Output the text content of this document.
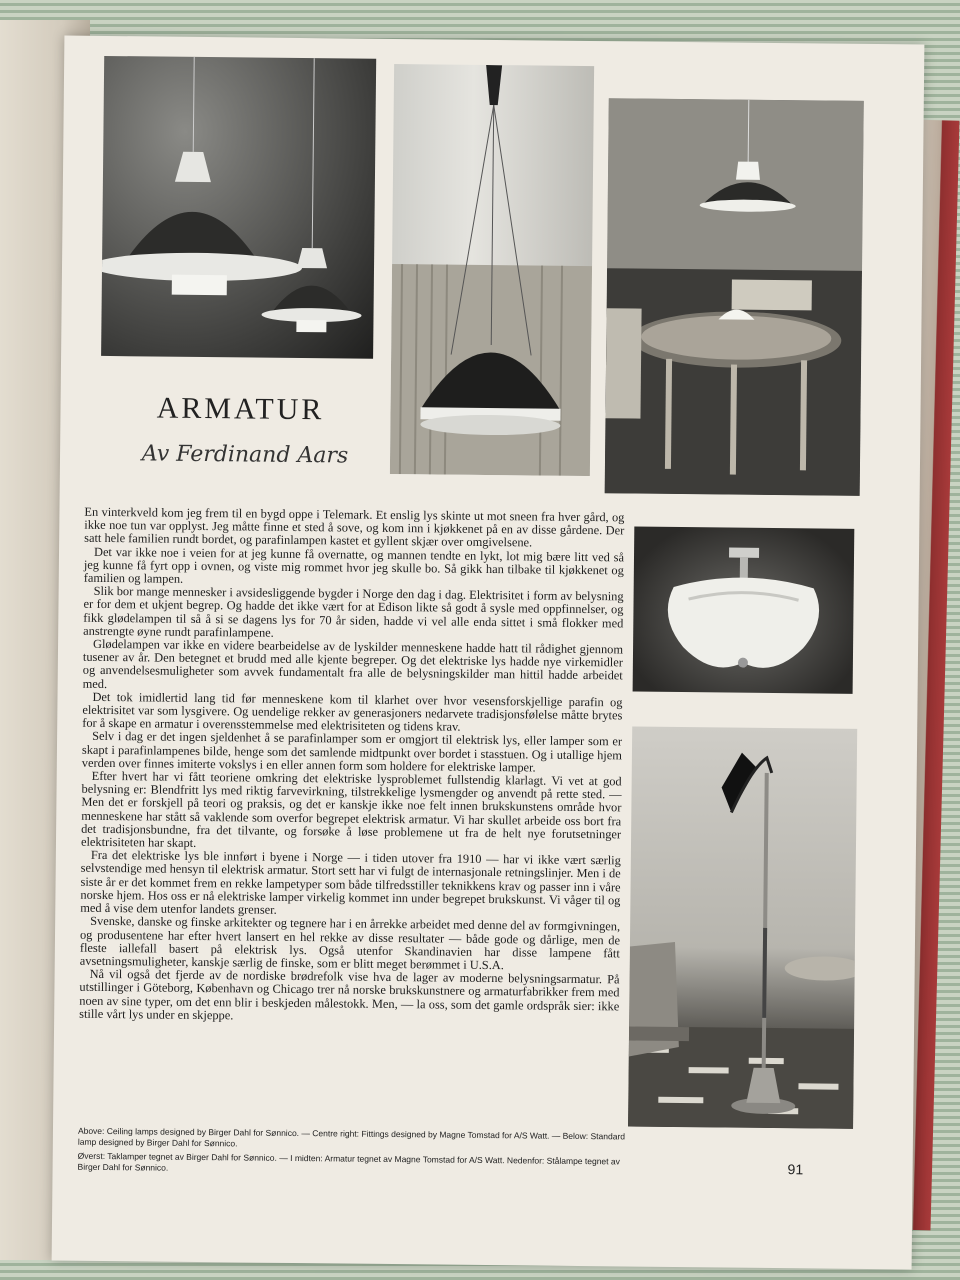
ARMATUR
Av Ferdinand Aars

En vinterkveld kom jeg frem til en bygd oppe i Telemark. Et enslig lys skinte ut mot sneen fra hver gård, og ikke noe tun var opplyst. Jeg måtte finne et sted å sove, og kom inn i kjøkkenet på en av disse gårdene. Der satt hele familien rundt bordet, og parafinlampen kastet et gyllent skjær over omgivelsene.

Det var ikke noe i veien for at jeg kunne få overnatte, og mannen tendte en lykt, lot mig bære litt ved så jeg kunne få fyrt opp i ovnen, og viste mig rommet hvor jeg skulle bo. Så gikk han tilbake til kjøkkenet og familien og lampen.

Slik bor mange mennesker i avsidesliggende bygder i Norge den dag i dag. Elektrisitet i form av belysning er for dem et ukjent begrep. Og hadde det ikke vært for at Edison likte så godt å sysle med oppfinnelser, og fikk glødelampen til så å si se dagens lys for 70 år siden, hadde vi vel alle enda sittet i små flokker med anstrengte øyne rundt parafinlampene.

Glødelampen var ikke en videre bearbeidelse av de lyskilder menneskene hadde hatt til rådighet gjennom tusener av år. Den betegnet et brudd med alle kjente begreper. Og det elektriske lys hadde nye virkemidler og anvendelsesmuligheter som avvek fundamentalt fra alle de belysningskilder man hittil hadde arbeidet med.

Det tok imidlertid lang tid før menneskene kom til klarhet over hvor vesensforskjellige parafin og elektrisitet var som lysgivere. Og uendelige rekker av generasjoners nedarvete tradisjonsfølelse måtte brytes for å skape en armatur i overensstemmelse med elektrisiteten og tidens krav.

Selv i dag er det ingen sjeldenhet å se parafinlamper som er omgjort til elektrisk lys, eller lamper som er skapt i parafinlampenes bilde, henge som det samlende midtpunkt over bordet i stasstuen. Og i utallige hjem verden over finnes imiterte vokslys i en eller annen form som holdere for elektriske lamper.

Efter hvert har vi fått teoriene omkring det elektriske lysproblemet fullstendig klarlagt. Vi vet at god belysning er: Blendfritt lys med riktig farvevirkning, tilstrekkelige lysmengder og anvendt på rette sted. — Men det er forskjell på teori og praksis, og det er kanskje ikke noe felt innen brukskunstens område hvor menneskene har stått så vaklende som overfor begrepet elektrisk armatur. Vi har skullet arbeide oss bort fra det tradisjonsbundne, fra det tilvante, og forsøke å løse problemene ut fra de helt nye forutsetninger elektrisiteten har skapt.

Fra det elektriske lys ble innført i byene i Norge — i tiden utover fra 1910 — har vi ikke vært særlig selvstendige med hensyn til elektrisk armatur. Stort sett har vi fulgt de internasjonale retningslinjer. Men i de siste år er det kommet frem en rekke lampetyper som både tilfredsstiller teknikkens krav og passer inn i våre norske hjem. Hos oss er nå elektriske lamper virkelig kommet inn under begrepet brukskunst. Vi våger til og med å vise dem utenfor landets grenser.

Svenske, danske og finske arkitekter og tegnere har i en årrekke arbeidet med denne del av formgivningen, og produsentene har efter hvert lansert en hel rekke av disse resultater — både gode og dårlige, men de fleste iallefall basert på elektrisk lys. Også utenfor Skandinavien har disse lampene fått avsetningsmuligheter, kanskje særlig de finske, som er blitt meget berømmet i U.S.A.

Nå vil også det fjerde av de nordiske brødrefolk vise hva de lager av moderne belysningsarmatur. På utstillinger i Göteborg, København og Chicago trer nå norske brukskunstnere og armaturfabrikker frem med noen av sine typer, om det enn blir i beskjeden målestokk. Men, — la oss, som det gamle ordspråk sier: ikke stille vårt lys under en skjeppe.

Above: Ceiling lamps designed by Birger Dahl for Sønnico. — Centre right: Fittings designed by Magne Tomstad for A/S Watt. — Below: Standard lamp designed by Birger Dahl for Sønnico.
Øverst: Taklamper tegnet av Birger Dahl for Sønnico. — I midten: Armatur tegnet av Magne Tomstad for A/S Watt. Nedenfor: Stålampe tegnet av Birger Dahl for Sønnico.	91
